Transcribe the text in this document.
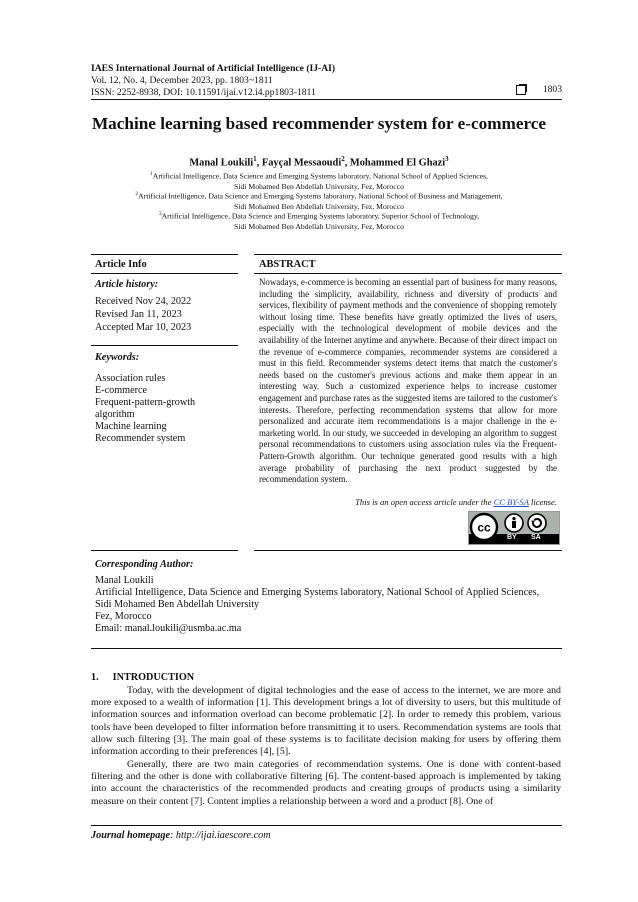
IAES International Journal of Artificial Intelligence (IJ-AI)
Vol. 12, No. 4, December 2023, pp. 1803~1811
ISSN: 2252-8938, DOI: 10.11591/ijai.v12.i4.pp1803-1811	1803
Machine learning based recommender system for e-commerce
Manal Loukili$^1$, Fayçal Messaoudi$^2$, Mohammed El Ghazi$^3$
$^1$Artificial Intelligence, Data Science and Emerging Systems laboratory, National School of Applied Sciences,
Sidi Mohamed Ben Abdellah University, Fez, Morocco
$^2$Artificial Intelligence, Data Science and Emerging Systems laboratory, National School of Business and Management,
Sidi Mohamed Ben Abdellah University, Fez, Morocco
$^3$Artificial Intelligence, Data Science and Emerging Systems laboratory, Superior School of Technology,
Sidi Mohamed Ben Abdellah University, Fez, Morocco
Article Info	ABSTRACT
Article history:
Received Nov 24, 2022
Revised Jan 11, 2023
Accepted Mar 10, 2023
Keywords:
Association rules
E-commerce
Frequent-pattern-growth
algorithm
Machine learning
Recommender system
Nowadays, e-commerce is becoming an essential part of business for many reasons, including the simplicity, availability, richness and diversity of products and services, flexibility of payment methods and the convenience of shopping remotely without losing time. These benefits have greatly optimized the lives of users, especially with the technological development of mobile devices and the availability of the Internet anytime and anywhere. Because of their direct impact on the revenue of e-commerce companies, recommender systems are considered a must in this field. Recommender systems detect items that match the customer's needs based on the customer's previous actions and make them appear in an interesting way. Such a customized experience helps to increase customer engagement and purchase rates as the suggested items are tailored to the customer's interests. Therefore, perfecting recommendation systems that allow for more personalized and accurate item recommendations is a major challenge in the e-marketing world. In our study, we succeeded in developing an algorithm to suggest personal recommendations to customers using association rules via the Frequent-Pattern-Growth algorithm. Our technique generated good results with a high average probability of purchasing the next product suggested by the recommendation system.
This is an open access article under the CC BY-SA license.
cc
BY SA
Corresponding Author:
Manal Loukili
Artificial Intelligence, Data Science and Emerging Systems laboratory, National School of Applied Sciences,
Sidi Mohamed Ben Abdellah University
Fez, Morocco
Email: manal.loukili@usmba.ac.ma
1. INTRODUCTION
Today, with the development of digital technologies and the ease of access to the internet, we are more and more exposed to a wealth of information [1]. This development brings a lot of diversity to users, but this multitude of information sources and information overload can become problematic [2]. In order to remedy this problem, various tools have been developed to filter information before transmitting it to users. Recommendation systems are tools that allow such filtering [3]. The main goal of these systems is to facilitate decision making for users by offering them information according to their preferences [4], [5].
Generally, there are two main categories of recommendation systems. One is done with content-based filtering and the other is done with collaborative filtering [6]. The content-based approach is implemented by taking into account the characteristics of the recommended products and creating groups of products using a similarity measure on their content [7]. Content implies a relationship between a word and a product [8]. One of
Journal homepage: http://ijai.iaescore.com
